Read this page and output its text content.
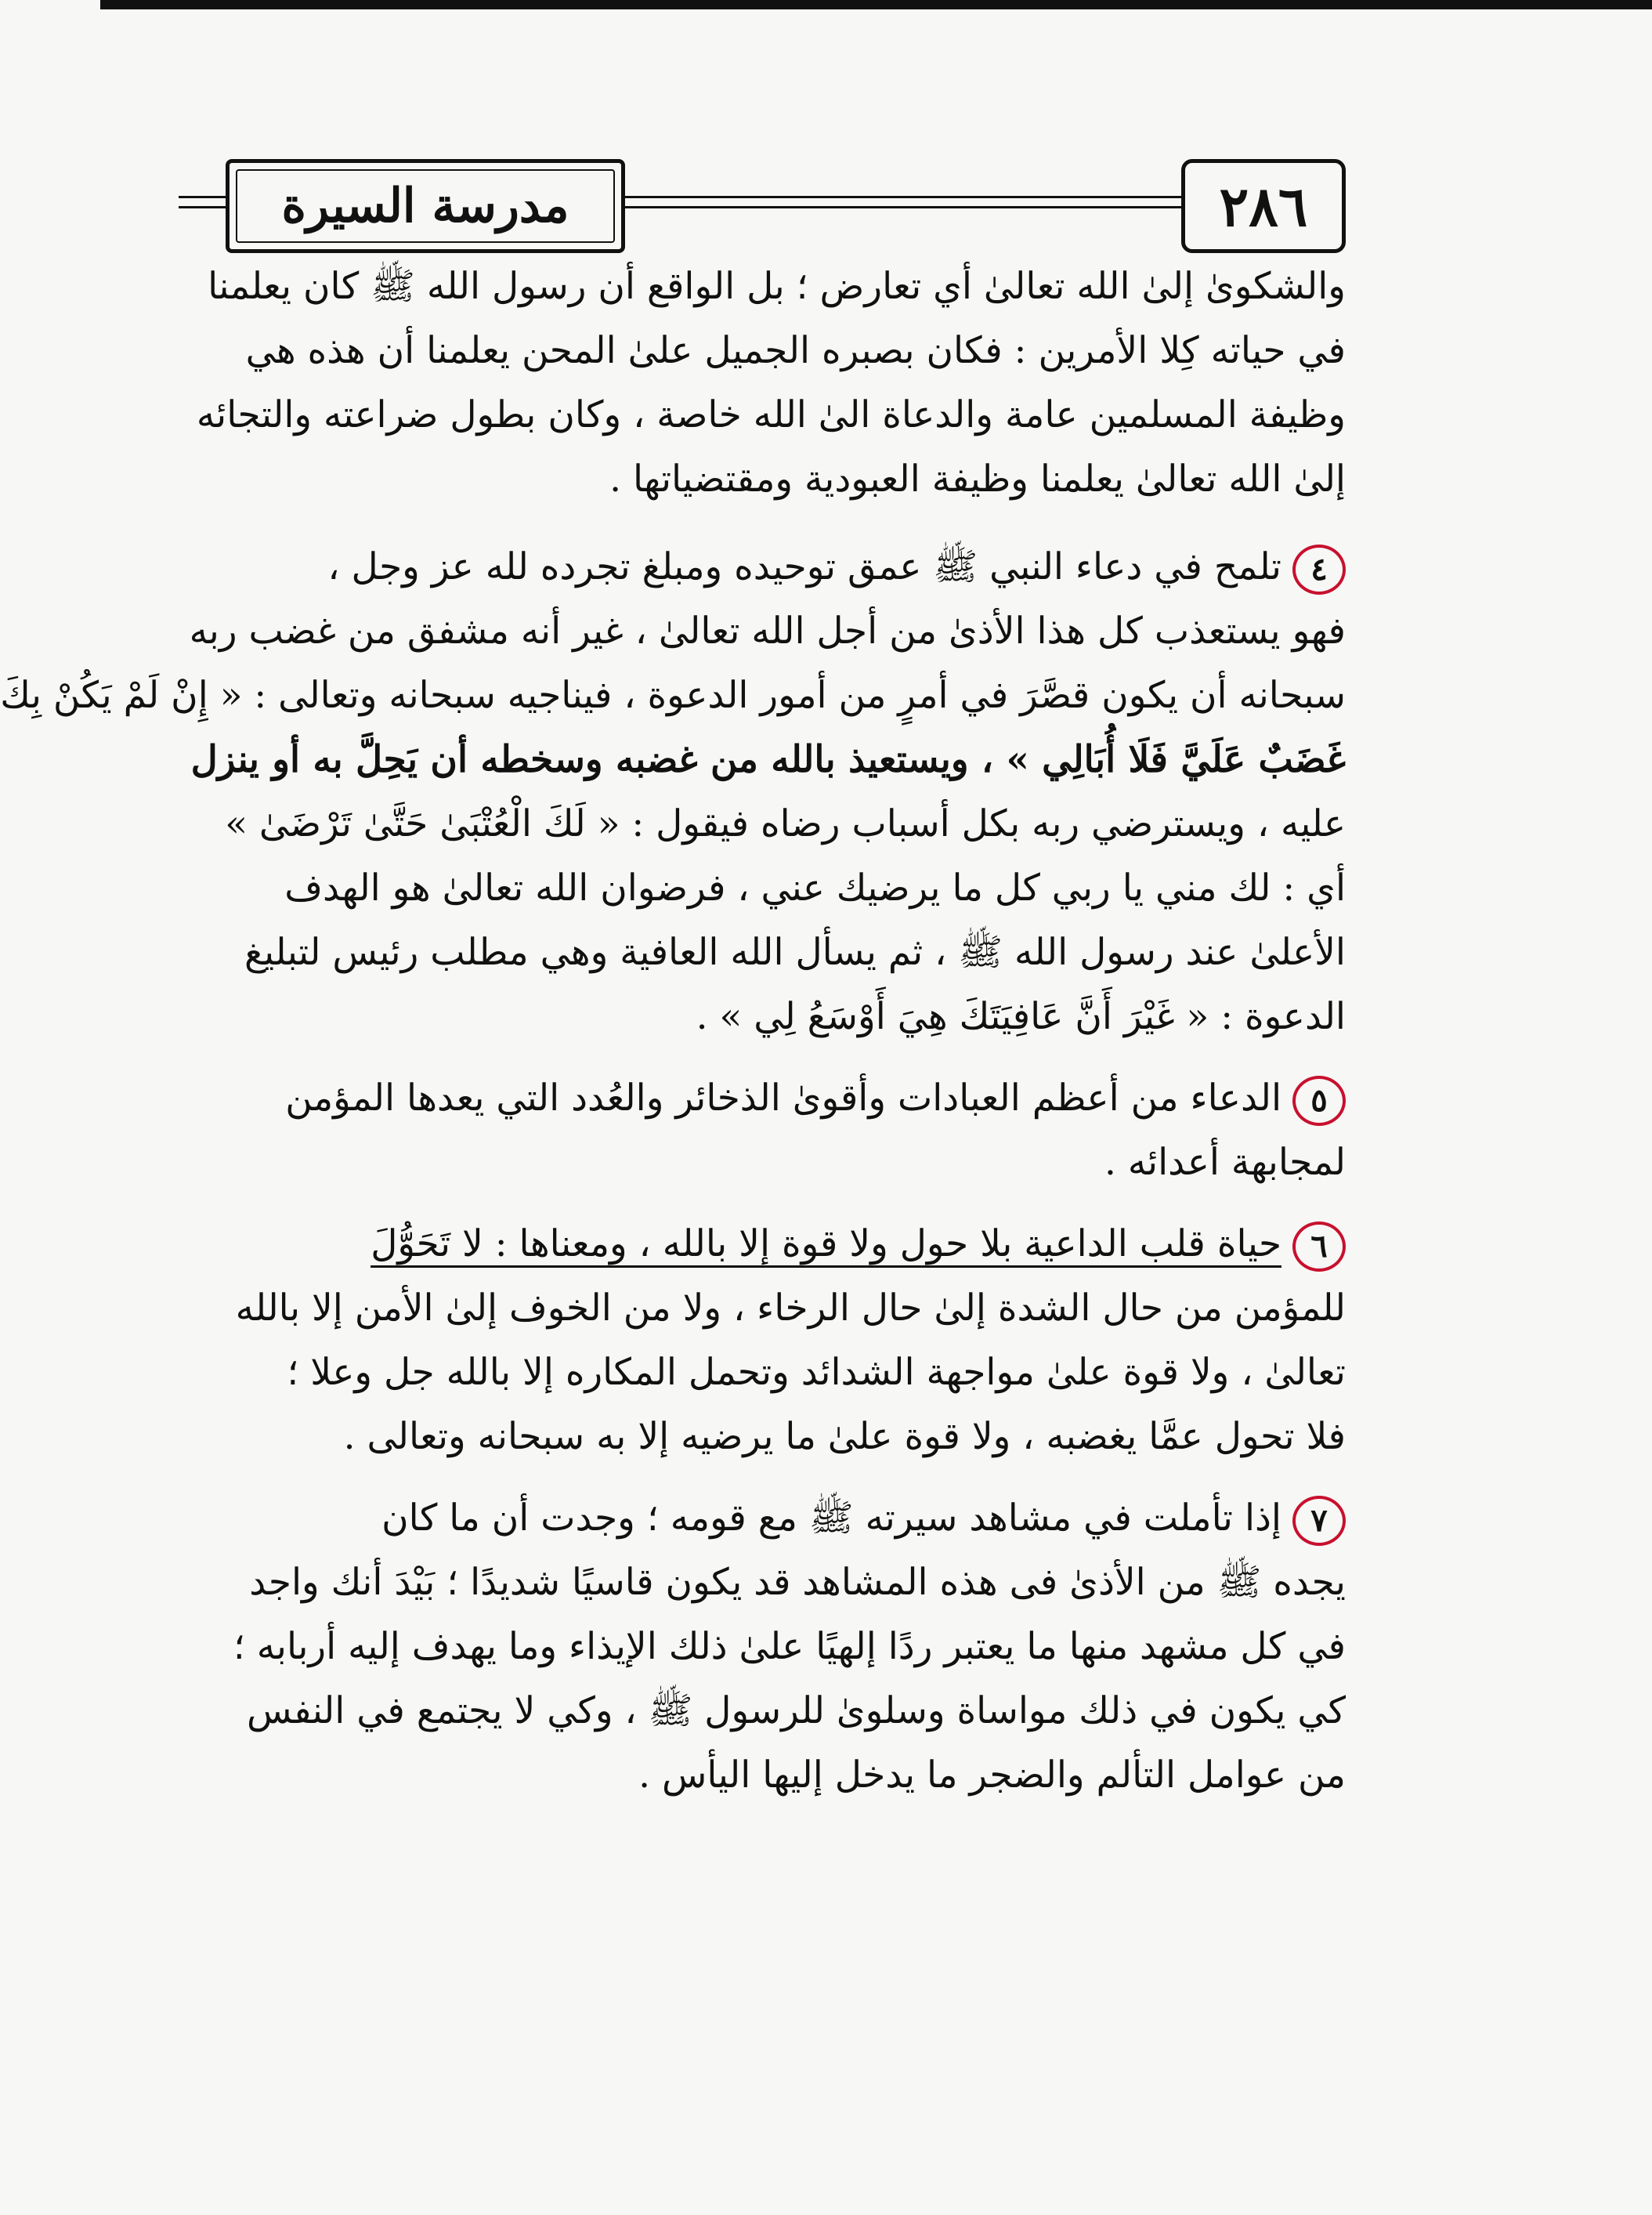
٢٨٦
مدرسة السيرة
والشكوىٰ إلىٰ الله تعالىٰ أي تعارض ؛ بل الواقع أن رسول الله ﷺ كان يعلمنا
في حياته كِلا الأمرين : فكان بصبره الجميل علىٰ المحن يعلمنا أن هذه هي
وظيفة المسلمين عامة والدعاة الىٰ الله خاصة ، وكان بطول ضراعته والتجائه
إلىٰ الله تعالىٰ يعلمنا وظيفة العبودية ومقتضياتها .
٤تلمح في دعاء النبي ﷺ عمق توحيده ومبلغ تجرده لله عز وجل ،
فهو يستعذب كل هذا الأذىٰ من أجل الله تعالىٰ ، غير أنه مشفق من غضب ربه
سبحانه أن يكون قصَّرَ في أمرٍ من أمور الدعوة ، فيناجيه سبحانه وتعالى : « إِنْ لَمْ يَكُنْ بِكَ
غَضَبٌ عَلَيَّ فَلَا أُبَالِي » ، ويستعيذ بالله من غضبه وسخطه أن يَحِلَّ به أو ينزل
عليه ، ويسترضي ربه بكل أسباب رضاه فيقول : « لَكَ الْعُتْبَىٰ حَتَّىٰ تَرْضَىٰ »
أي : لك مني يا ربي كل ما يرضيك عني ، فرضوان الله تعالىٰ هو الهدف
الأعلىٰ عند رسول الله ﷺ ، ثم يسأل الله العافية وهي مطلب رئيس لتبليغ
الدعوة : « غَيْرَ أَنَّ عَافِيَتَكَ هِيَ أَوْسَعُ لِي » .
٥الدعاء من أعظم العبادات وأقوىٰ الذخائر والعُدد التي يعدها المؤمن
لمجابهة أعدائه .
٦حياة قلب الداعية بلا حول ولا قوة إلا بالله ، ومعناها : لا تَحَوُّلَ
للمؤمن من حال الشدة إلىٰ حال الرخاء ، ولا من الخوف إلىٰ الأمن إلا بالله
تعالىٰ ، ولا قوة علىٰ مواجهة الشدائد وتحمل المكاره إلا بالله جل وعلا ؛
فلا تحول عمَّا يغضبه ، ولا قوة علىٰ ما يرضيه إلا به سبحانه وتعالى .
٧إذا تأملت في مشاهد سيرته ﷺ مع قومه ؛ وجدت أن ما كان
يجده ﷺ من الأذىٰ فى هذه المشاهد قد يكون قاسيًا شديدًا ؛ بَيْدَ أنك واجد
في كل مشهد منها ما يعتبر ردًا إلهيًا علىٰ ذلك الإيذاء وما يهدف إليه أربابه ؛
كي يكون في ذلك مواساة وسلوىٰ للرسول ﷺ ، وكي لا يجتمع في النفس
من عوامل التألم والضجر ما يدخل إليها اليأس .
